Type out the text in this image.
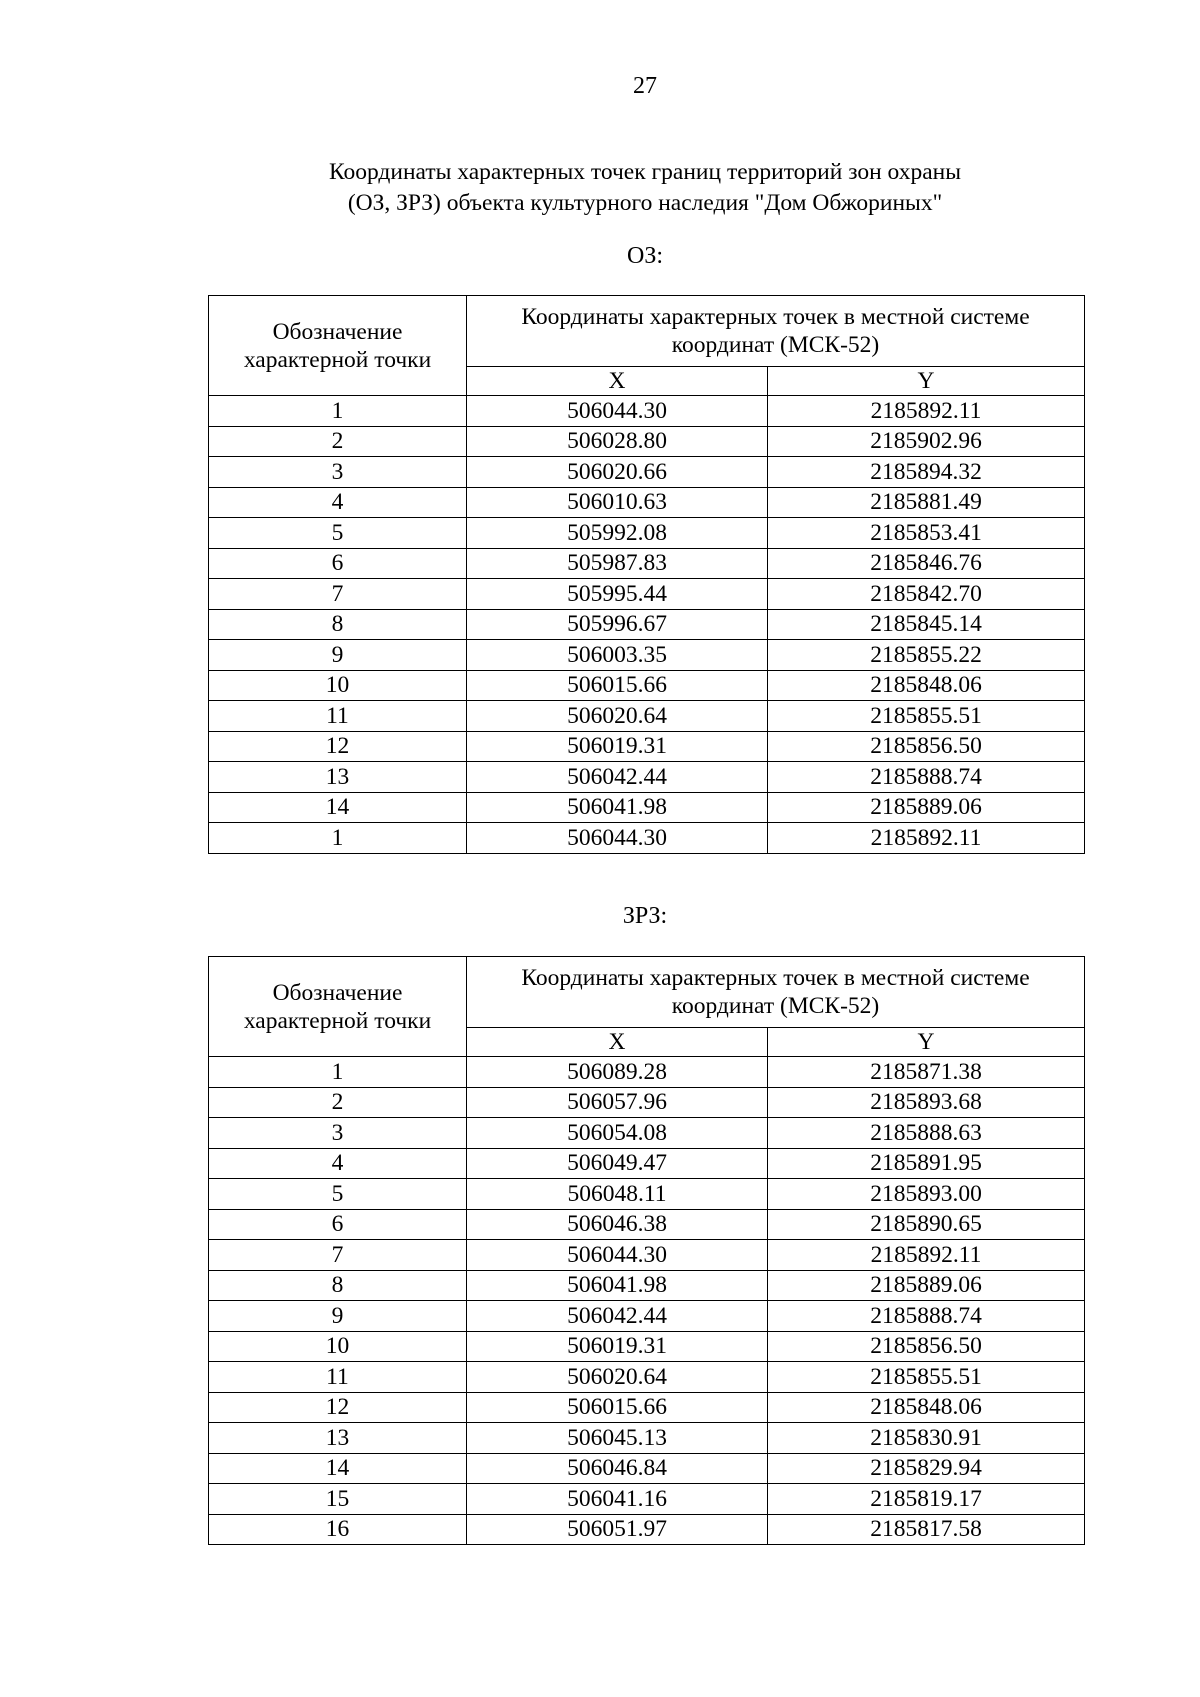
27
Координаты характерных точек границ территорий зон охраны
(ОЗ, ЗРЗ) объекта культурного наследия "Дом Обжориных"
ОЗ:
Обозначение характерной точки	Координаты характерных точек в местной системе координат (МСК-52)	
	X	Y
1	506044.30	2185892.11
2	506028.80	2185902.96
3	506020.66	2185894.32
4	506010.63	2185881.49
5	505992.08	2185853.41
6	505987.83	2185846.76
7	505995.44	2185842.70
8	505996.67	2185845.14
9	506003.35	2185855.22
10	506015.66	2185848.06
11	506020.64	2185855.51
12	506019.31	2185856.50
13	506042.44	2185888.74
14	506041.98	2185889.06
1	506044.30	2185892.11
ЗРЗ:
Обозначение характерной точки	Координаты характерных точек в местной системе координат (МСК-52)	
	X	Y
1	506089.28	2185871.38
2	506057.96	2185893.68
3	506054.08	2185888.63
4	506049.47	2185891.95
5	506048.11	2185893.00
6	506046.38	2185890.65
7	506044.30	2185892.11
8	506041.98	2185889.06
9	506042.44	2185888.74
10	506019.31	2185856.50
11	506020.64	2185855.51
12	506015.66	2185848.06
13	506045.13	2185830.91
14	506046.84	2185829.94
15	506041.16	2185819.17
16	506051.97	2185817.58
